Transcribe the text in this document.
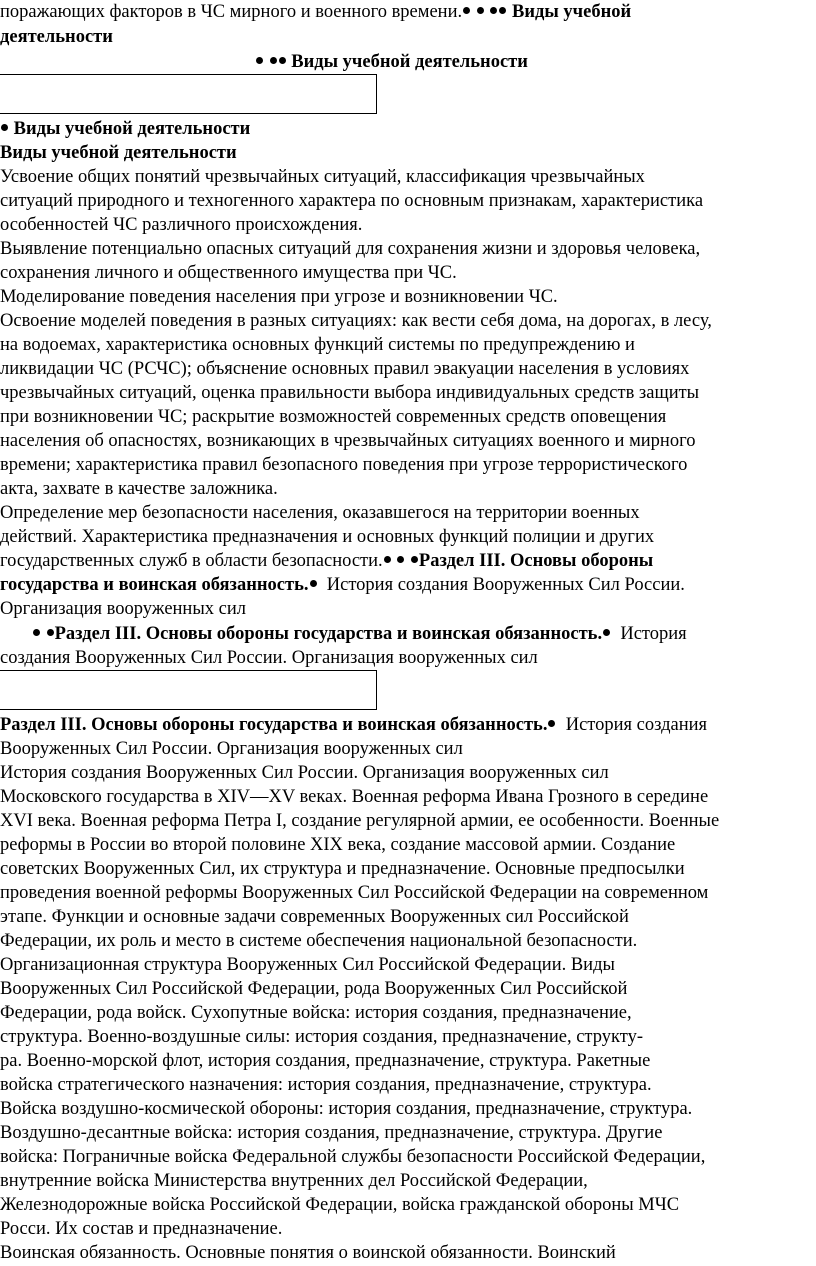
поражающих факторов в ЧС мирного и военного времени.	Виды учебной
деятельности
Виды учебной деятельности
Виды учебной деятельности
Виды учебной деятельности
Усвоение общих понятий чрезвычайных ситуаций, классификация чрезвычайных
ситуаций природного и техногенного характера по основным признакам, характеристика
особенностей ЧС различного происхождения.
Выявление потенциально опасных ситуаций для сохранения жизни и здоровья человека,
сохранения личного и общественного имущества при ЧС.
Моделирование поведения населения при угрозе и возникновении ЧС.
Освоение моделей поведения в разных ситуациях: как вести себя дома, на дорогах, в лесу,
на водоемах, характеристика основных функций системы по предупреждению и
ликвидации ЧС (РСЧС); объяснение основных правил эвакуации населения в условиях
чрезвычайных ситуаций, оценка правильности выбора индивидуальных средств защиты
при возникновении ЧС; раскрытие возможностей современных средств оповещения
населения об опасностях, возникающих в чрезвычайных ситуациях военного и мирного
времени; характеристика правил безопасного поведения при угрозе террористического
акта, захвате в качестве заложника.
Определение мер безопасности населения, оказавшегося на территории военных
действий. Характеристика предназначения и основных функций полиции и других
государственных служб в области безопасности. Раздел III. Основы обороны
государства и воинская обязанность. История создания Вооруженных Сил России.
Организация вооруженных сил
Раздел III. Основы обороны государства и воинская обязанность. История
создания Вооруженных Сил России. Организация вооруженных сил
Раздел III. Основы обороны государства и воинская обязанность. История создания
Вооруженных Сил России. Организация вооруженных сил
История создания Вооруженных Сил России. Организация вооруженных сил
Московского государства в XIV—XV веках. Военная реформа Ивана Грозного в середине
XVI века. Военная реформа Петра I, создание регулярной армии, ее особенности. Военные
реформы в России во второй половине XIX века, создание массовой армии. Создание
советских Вооруженных Сил, их структура и предназначение. Основные предпосылки
проведения военной реформы Вооруженных Сил Российской Федерации на современном
этапе. Функции и основные задачи современных Вооруженных сил Российской
Федерации, их роль и место в системе обеспечения национальной безопасности.
Организационная структура Вооруженных Сил Российской Федерации. Виды
Вооруженных Сил Российской Федерации, рода Вооруженных Сил Российской
Федерации, рода войск. Сухопутные войска: история создания, предназначение,
структура. Военно-воздушные силы: история создания, предназначение, структу-
ра. Военно-морской флот, история создания, предназначение, структура. Ракетные
войска стратегического назначения: история создания, предназначение, структура.
Войска воздушно-космической обороны: история создания, предназначение, структура.
Воздушно-десантные войска: история создания, предназначение, структура. Другие
войска: Пограничные войска Федеральной службы безопасности Российской Федерации,
внутренние войска Министерства внутренних дел Российской Федерации,
Железнодорожные войска Российской Федерации, войска гражданской обороны МЧС
Росси. Их состав и предназначение.
Воинская обязанность. Основные понятия о воинской обязанности. Воинский
